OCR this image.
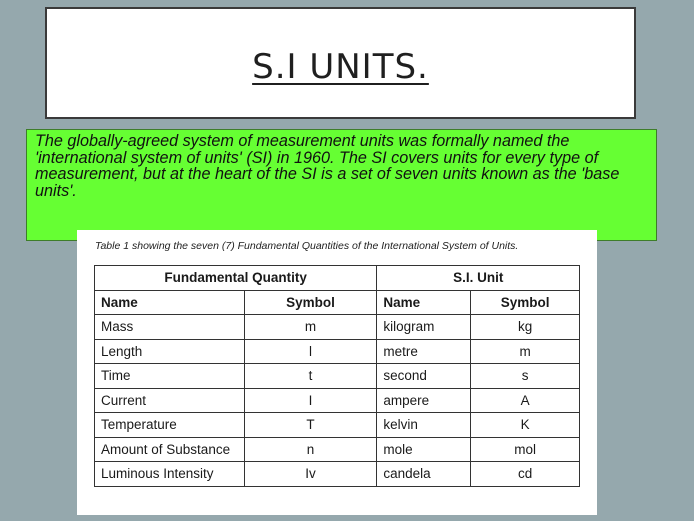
S.I UNITS.

The globally-agreed system of measurement units was formally named the 'international system of units' (SI) in 1960. The SI covers units for every type of measurement, but at the heart of the SI is a set of seven units known as the 'base units'.

Table 1 showing the seven (7) Fundamental Quantities of the International System of Units.
Fundamental Quantity		S.I. Unit	
Name	Symbol	Name	Symbol
Mass	m	kilogram	kg
Length	l	metre	m
Time	t	second	s
Current	I	ampere	A
Temperature	T	kelvin	K
Amount of Substance	n	mole	mol
Luminous Intensity	Iv	candela	cd
